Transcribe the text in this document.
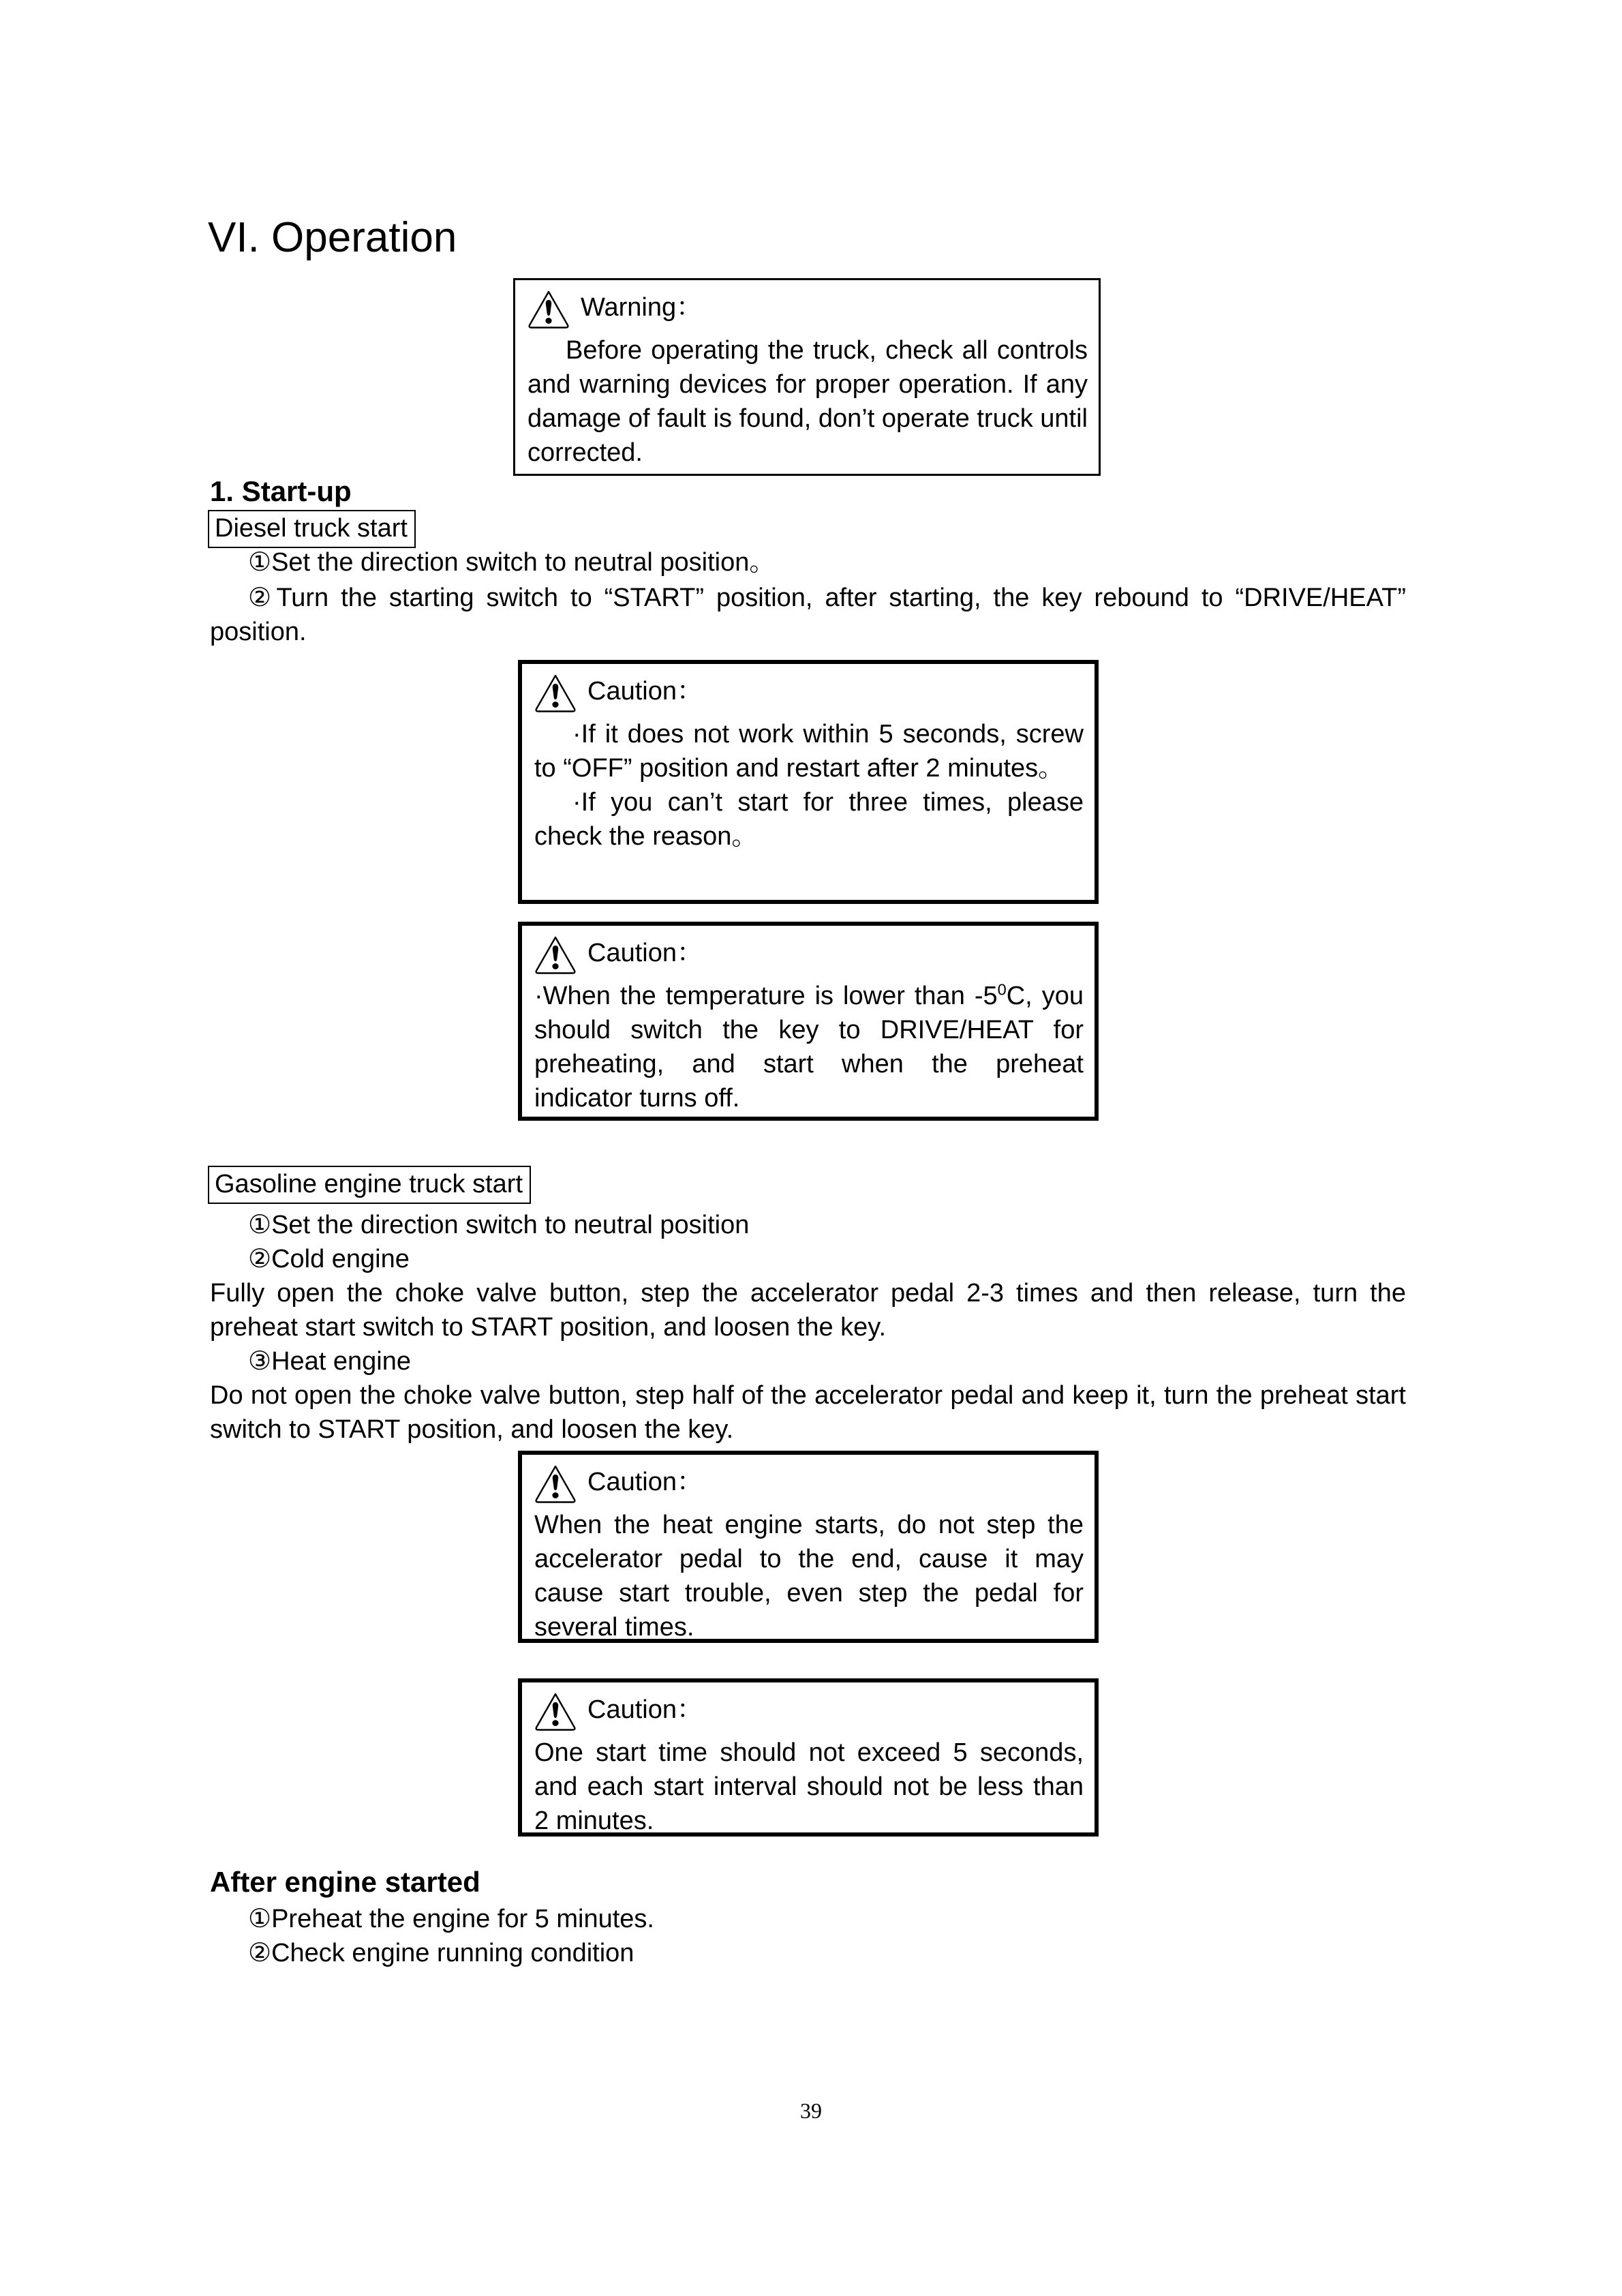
VI. Operation
Warning：

Before operating the truck, check all controls and warning devices for proper operation. If any damage of fault is found, don’t operate truck until corrected.

1. Start-up
Diesel truck start
①Set the direction switch to neutral position。
②Turn the starting switch to “START” position, after starting, the key rebound to “DRIVE/HEAT” position.
Caution：

·If it does not work within 5 seconds, screw to “OFF” position and restart after 2 minutes。

·If you can’t start for three times, please check the reason。

Caution：

·When the temperature is lower than $-5^0C$, you should switch the key to DRIVE/HEAT for preheating, and start when the preheat indicator turns off.

Gasoline engine truck start
①Set the direction switch to neutral position
②Cold engine
Fully open the choke valve button, step the accelerator pedal 2-3 times and then release, turn the preheat start switch to START position, and loosen the key.
③Heat engine
Do not open the choke valve button, step half of the accelerator pedal and keep it, turn the preheat start switch to START position, and loosen the key.
Caution：

When the heat engine starts, do not step the accelerator pedal to the end, cause it may cause start trouble, even step the pedal for several times.

Caution：

One start time should not exceed 5 seconds, and each start interval should not be less than 2 minutes.

After engine started
①Preheat the engine for 5 minutes.
②Check engine running condition
39
